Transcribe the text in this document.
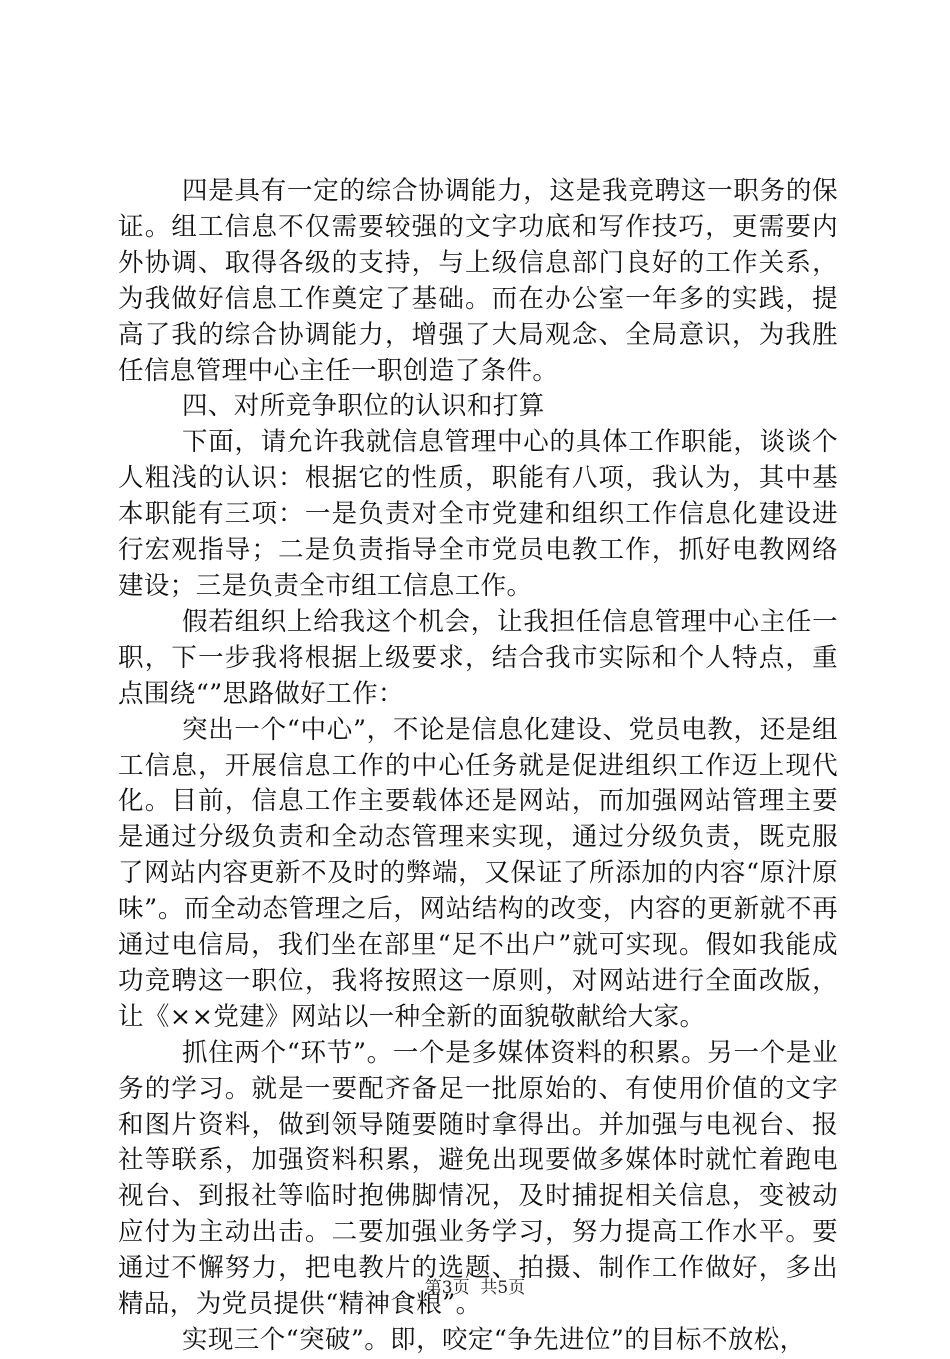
四是具有一定的综合协调能力，这是我竞聘这一职务的保证。组工信息不仅需要较强的文字功底和写作技巧，更需要内外协调、取得各级的支持，与上级信息部门良好的工作关系，为我做好信息工作奠定了基础。而在办公室一年多的实践，提高了我的综合协调能力，增强了大局观念、全局意识，为我胜任信息管理中心主任一职创造了条件。

四、对所竞争职位的认识和打算

下面，请允许我就信息管理中心的具体工作职能，谈谈个人粗浅的认识：根据它的性质，职能有八项，我认为，其中基本职能有三项：一是负责对全市党建和组织工作信息化建设进行宏观指导；二是负责指导全市党员电教工作，抓好电教网络建设；三是负责全市组工信息工作。

假若组织上给我这个机会，让我担任信息管理中心主任一职，下一步我将根据上级要求，结合我市实际和个人特点，重点围绕“”思路做好工作：

突出一个“中心”，不论是信息化建设、党员电教，还是组工信息，开展信息工作的中心任务就是促进组织工作迈上现代化。目前，信息工作主要载体还是网站，而加强网站管理主要是通过分级负责和全动态管理来实现，通过分级负责，既克服了网站内容更新不及时的弊端，又保证了所添加的内容“原汁原味”。而全动态管理之后，网站结构的改变，内容的更新就不再通过电信局，我们坐在部里“足不出户”就可实现。假如我能成功竞聘这一职位，我将按照这一原则，对网站进行全面改版，让《××党建》网站以一种全新的面貌敬献给大家。

抓住两个“环节”。一个是多媒体资料的积累。另一个是业务的学习。就是一要配齐备足一批原始的、有使用价值的文字和图片资料，做到领导随要随时拿得出。并加强与电视台、报社等联系，加强资料积累，避免出现要做多媒体时就忙着跑电视台、到报社等临时抱佛脚情况，及时捕捉相关信息，变被动应付为主动出击。二要加强业务学习，努力提高工作水平。要通过不懈努力，把电教片的选题、拍摄、制作工作做好，多出精品，为党员提供“精神食粮”。

实现三个“突破”。即，咬定“争先进位”的目标不放松，

第3页  共5页
